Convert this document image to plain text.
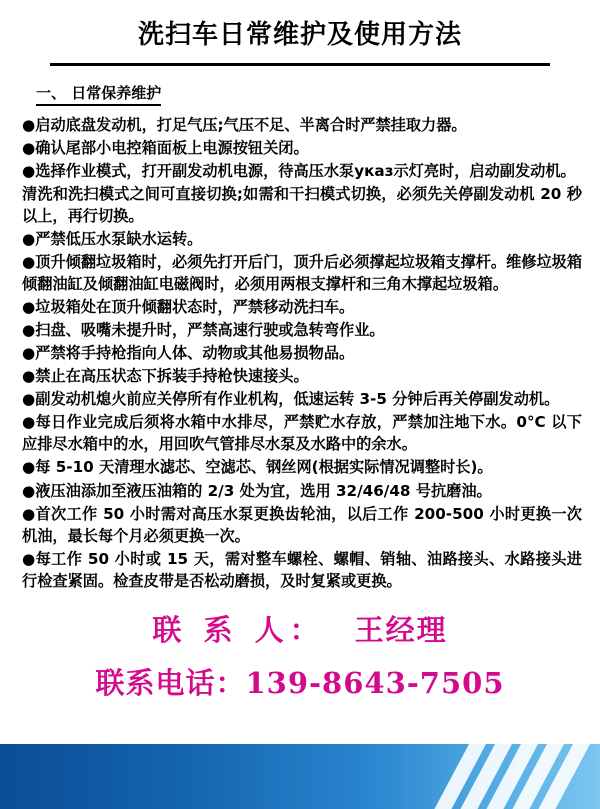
洗扫车日常维护及使用方法
一、 日常保养维护
●启动底盘发动机，打足气压;气压不足、半离合时严禁挂取力器。
●确认尾部小电控箱面板上电源按钮关闭。
●选择作业模式，打开副发动机电源，待高压水泵указ示灯亮时，启动副发动机。
清洗和洗扫模式之间可直接切换;如需和干扫模式切换，必须先关停副发动机 20 秒以上，再行切换。
●严禁低压水泵缺水运转。
●顶升倾翻垃圾箱时，必须先打开后门，顶升后必须撑起垃圾箱支撑杆。维修垃圾箱倾翻油缸及倾翻油缸电磁阀时，必须用两根支撑杆和三角木撑起垃圾箱。
●垃圾箱处在顶升倾翻状态时，严禁移动洗扫车。
●扫盘、吸嘴未提升时，严禁高速行驶或急转弯作业。
●严禁将手持枪指向人体、动物或其他易损物品。
●禁止在高压状态下拆装手持枪快速接头。
●副发动机熄火前应关停所有作业机构，低速运转 3-5 分钟后再关停副发动机。
●每日作业完成后须将水箱中水排尽，严禁贮水存放，严禁加注地下水。0°C 以下应排尽水箱中的水，用回吹气管排尽水泵及水路中的余水。
●每 5-10 天清理水滤芯、空滤芯、钢丝网(根据实际情况调整时长)。
●液压油添加至液压油箱的 2/3 处为宜，选用 32/46/48 号抗磨油。
●首次工作 50 小时需对高压水泵更换齿轮油，以后工作 200-500 小时更换一次机油，最长每个月必须更换一次。
●每工作 50 小时或 15 天，需对整车螺栓、螺帽、销轴、油路接头、水路接头进行检查紧固。检查皮带是否松动磨损，及时复紧或更换。
联 系 人： 王经理
联系电话：139-8643-7505
